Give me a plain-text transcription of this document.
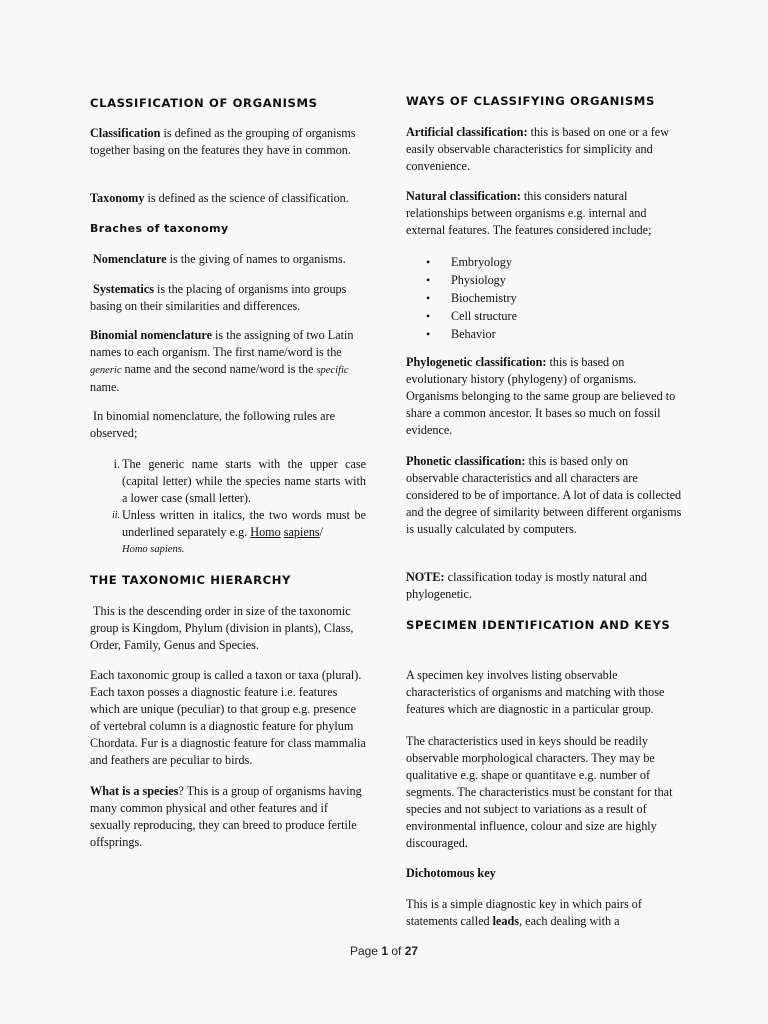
CLASSIFICATION OF ORGANISMS

Classification is defined as the grouping of organisms together basing on the features they have in common.

Taxonomy is defined as the science of classification.

Braches of taxonomy

Nomenclature is the giving of names to organisms.

Systematics is the placing of organisms into groups basing on their similarities and differences.

Binomial nomenclature is the assigning of two Latin names to each organism. The first name/word is the generic name and the second name/word is the specific name.

In binomial nomenclature, the following rules are observed;

i. The generic name starts with the upper case (capital letter) while the species name starts with a lower case (small letter).
ii. Unless written in italics, the two words must be underlined separately e.g. Homo sapiens/
Homo sapiens.
THE TAXONOMIC HIERARCHY

This is the descending order in size of the taxonomic group is Kingdom, Phylum (division in plants), Class, Order, Family, Genus and Species.

Each taxonomic group is called a taxon or taxa (plural). Each taxon posses a diagnostic feature i.e. features which are unique (peculiar) to that group e.g. presence of vertebral column is a diagnostic feature for phylum Chordata. Fur is a diagnostic feature for class mammalia and feathers are peculiar to birds.

What is a species? This is a group of organisms having many common physical and other features and if sexually reproducing, they can breed to produce fertile offsprings.

WAYS OF CLASSIFYING ORGANISMS

Artificial classification: this is based on one or a few easily observable characteristics for simplicity and convenience.

Natural classification: this considers natural relationships between organisms e.g. internal and external features. The features considered include;

• Embryology
• Physiology
• Biochemistry
• Cell structure
• Behavior

Phylogenetic classification: this is based on evolutionary history (phylogeny) of organisms. Organisms belonging to the same group are believed to share a common ancestor. It bases so much on fossil evidence.

Phonetic classification: this is based only on observable characteristics and all characters are considered to be of importance. A lot of data is collected and the degree of similarity between different organisms is usually calculated by computers.

NOTE: classification today is mostly natural and phylogenetic.

SPECIMEN IDENTIFICATION AND KEYS

A specimen key involves listing observable characteristics of organisms and matching with those features which are diagnostic in a particular group.

The characteristics used in keys should be readily observable morphological characters. They may be qualitative e.g. shape or quantitave e.g. number of segments. The characteristics must be constant for that species and not subject to variations as a result of environmental influence, colour and size are highly discouraged.

Dichotomous key

This is a simple diagnostic key in which pairs of statements called leads, each dealing with a

Page 1 of 27
